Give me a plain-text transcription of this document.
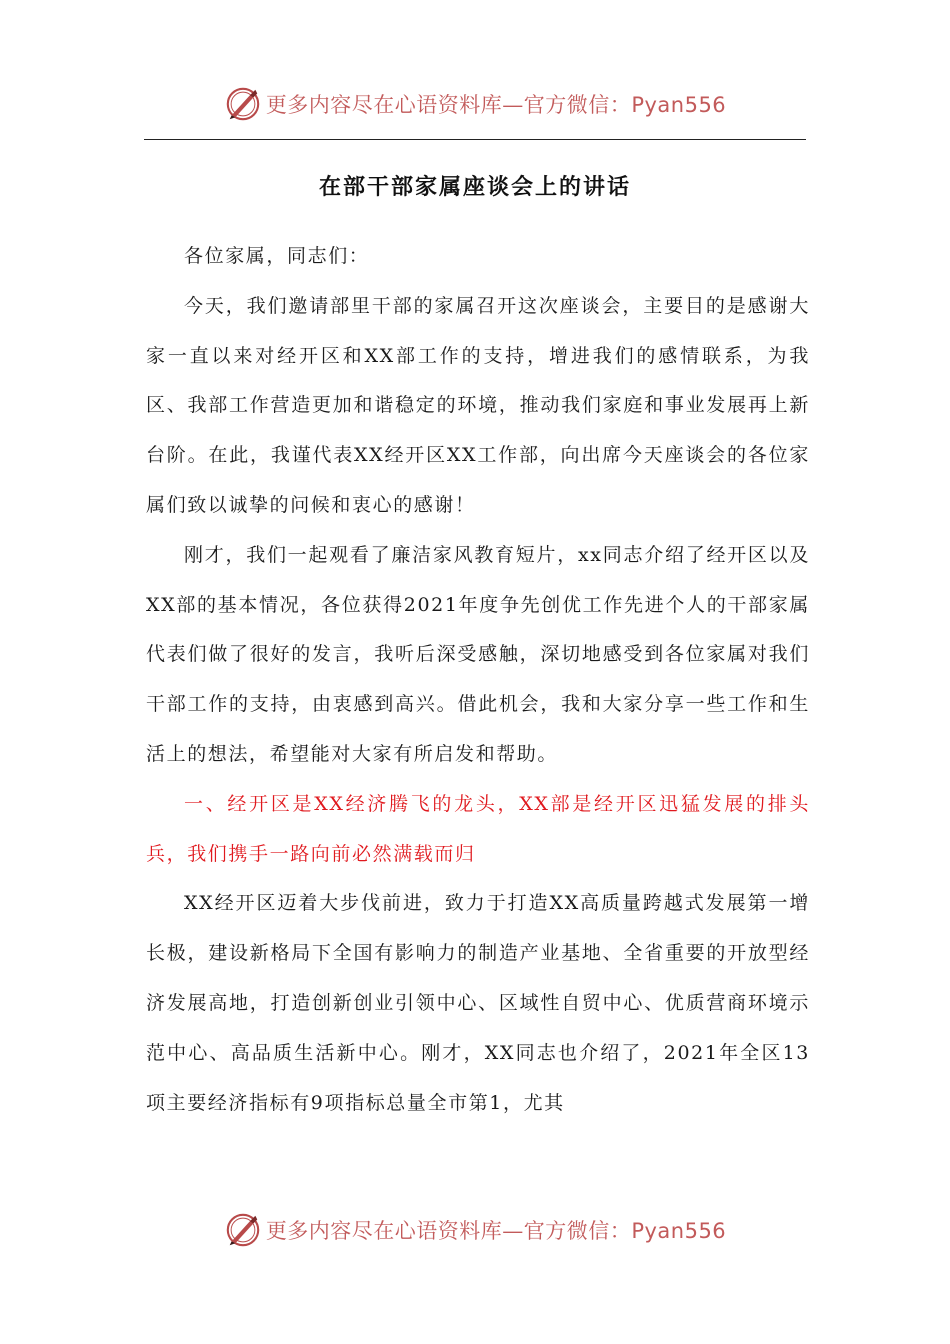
更多内容尽在心语资料库—官方微信：Pyan556
在部干部家属座谈会上的讲话

各位家属，同志们：

今天，我们邀请部里干部的家属召开这次座谈会，主要目的是感谢大家一直以来对经开区和XX部工作的支持，增进我们的感情联系，为我区、我部工作营造更加和谐稳定的环境，推动我们家庭和事业发展再上新台阶。在此，我谨代表XX经开区XX工作部，向出席今天座谈会的各位家属们致以诚挚的问候和衷心的感谢！

刚才，我们一起观看了廉洁家风教育短片，xx同志介绍了经开区以及XX部的基本情况，各位获得2021年度争先创优工作先进个人的干部家属代表们做了很好的发言，我听后深受感触，深切地感受到各位家属对我们干部工作的支持，由衷感到高兴。借此机会，我和大家分享一些工作和生活上的想法，希望能对大家有所启发和帮助。

一、经开区是XX经济腾飞的龙头，XX部是经开区迅猛发展的排头兵，我们携手一路向前必然满载而归

XX经开区迈着大步伐前进，致力于打造XX高质量跨越式发展第一增长极，建设新格局下全国有影响力的制造产业基地、全省重要的开放型经济发展高地，打造创新创业引领中心、区域性自贸中心、优质营商环境示范中心、高品质生活新中心。刚才，XX同志也介绍了，2021年全区13项主要经济指标有9项指标总量全市第1，尤其

更多内容尽在心语资料库—官方微信：Pyan556
